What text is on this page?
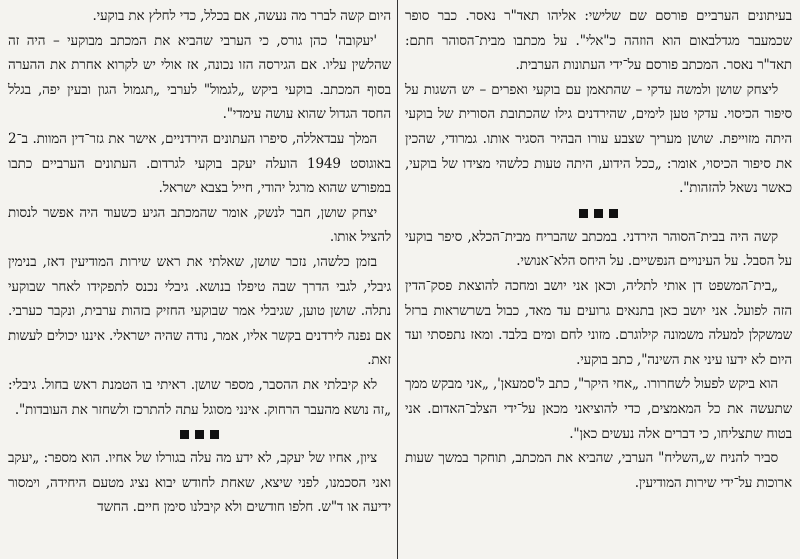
בעיתונים הערביים פורסם שם שלישי: אליהו תאד"ר נאסר. כבר סופר שכמעבר מגדלבאום הוא הוזהה כ"אלי". על מכתבו מבית־הסוהר חתם: תאד"ר נאסר. המכתב פורסם על־ידי העתונות הערבית.

ליצחק שושן ולמשה עדקי – שהתאמן עם בוקעי ואפרים – יש השגות על סיפור הכיסוי. עדקי טען לימים, שהירדנים גילו שהכתובת הסורית של בוקעי היתה מזוייפת. שושן מעריך שצבע עורו הבהיר הסגיר אותו. גמרודי, שהכין את סיפור הכיסוי, אומר: „ככל הידוע, היתה טעות כלשהי מצידו של בוקעי, כאשר נשאל להזהות".

קשה היה בבית־הסוהר הירדני. במכתב שהבריח מבית־הכלא, סיפר בוקעי על הסבל. על העינויים הנפשיים. על היחס הלא־אנושי.

„בית־המשפט דן אותי לתליה, וכאן אני יושב ומחכה להוצאת פסק־הדין הזה לפועל. אני יושב כאן בתנאים גרועים עד מאד, כבול בשרשראות ברזל שמשקלן למעלה משמונה קילוגרם. מזוני לחם ומים בלבד. ומאז נתפסתי ועד היום לא ידעו עיני את השינה", כתב בוקעי.

הוא ביקש לפעול לשחרורו. „אחי היקר", כתב ל'סמעאן', „אני מבקש ממך שתעשה את כל המאמצים, כדי להוציאני מכאן על־ידי הצלב־האדום. אני בטוח שתצליחו, כי דברים אלה נעשים כאן".

סביר להניח ש„השליח" הערבי, שהביא את המכתב, תוחקר במשך שעות ארוכות על־ידי שירות המודיעין.

היום קשה לברר מה נעשה, אם בכלל, כדי לחלץ את בוקעי.

'יעקובה' כהן גורס, כי הערבי שהביא את המכתב מבוקעי – היה זה שהלשין עליו. אם הגירסה הזו נכונה, אז אולי יש לקרוא אחרת את ההערה בסוף המכתב. בוקעי ביקש „לגמול" לערבי „תגמול הגון ובעין יפה, בגלל החסד הגדול שהוא עושה עימדי".

המלך עבדאללה, סיפרו העתונים הירדניים, אישר את גזר־דין המוות. ב־2 באוגוסט 1949 הועלה יעקב בוקעי לגרדום. העתונים הערביים כתבו במפורש שהוא מרגל יהודי, חייל בצבא ישראל.

יצחק שושן, חבר לנשק, אומר שהמכתב הגיע כשעוד היה אפשר לנסות להציל אותו.

בזמן כלשהו, נזכר שושן, שאלתי את ראש שירות המודיעין דאז, בנימין גיבלי, לגבי הדרך שבה טיפלו בנושא. גיבלי נכנס לתפקידו לאחר שבוקעי נתלה. שושן טוען, שגיבלי אמר שבוקעי החזיק בזהות ערבית, ונקבר כערבי. אם נפנה לירדנים בקשר אליו, אמר, נודה שהיה ישראלי. איננו יכולים לעשות זאת.

לא קיבלתי את ההסבר, מספר שושן. ראיתי בו הטמנת ראש בחול. גיבלי: „זה נושא מהעבר הרחוק. אינני מסוגל עתה להתרכז ולשחזר את העובדות".

ציון, אחיו של יעקב, לא ידע מה עלה בגורלו של אחיו. הוא מספר: „יעקב ואני הסכמנו, לפני שיצא, שאחת לחודש יבוא נציג מטעם היחידה, וימסור ידיעה או ד"ש. חלפו חודשים ולא קיבלנו סימן חיים. החשד
